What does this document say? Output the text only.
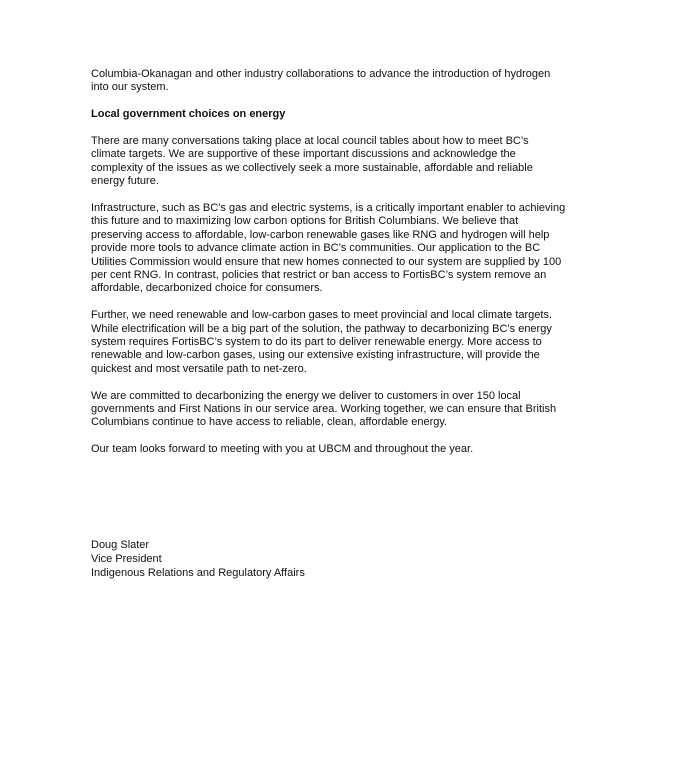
Columbia-Okanagan and other industry collaborations to advance the introduction of hydrogen
into our system.

Local government choices on energy

There are many conversations taking place at local council tables about how to meet BC’s
climate targets. We are supportive of these important discussions and acknowledge the
complexity of the issues as we collectively seek a more sustainable, affordable and reliable
energy future.

Infrastructure, such as BC’s gas and electric systems, is a critically important enabler to achieving
this future and to maximizing low carbon options for British Columbians. We believe that
preserving access to affordable, low-carbon renewable gases like RNG and hydrogen will help
provide more tools to advance climate action in BC’s communities. Our application to the BC
Utilities Commission would ensure that new homes connected to our system are supplied by 100
per cent RNG. In contrast, policies that restrict or ban access to FortisBC’s system remove an
affordable, decarbonized choice for consumers.

Further, we need renewable and low-carbon gases to meet provincial and local climate targets.
While electrification will be a big part of the solution, the pathway to decarbonizing BC’s energy
system requires FortisBC’s system to do its part to deliver renewable energy. More access to
renewable and low-carbon gases, using our extensive existing infrastructure, will provide the
quickest and most versatile path to net-zero.

We are committed to decarbonizing the energy we deliver to customers in over 150 local
governments and First Nations in our service area. Working together, we can ensure that British
Columbians continue to have access to reliable, clean, affordable energy.

Our team looks forward to meeting with you at UBCM and throughout the year.

Doug Slater

Vice President

Indigenous Relations and Regulatory Affairs
